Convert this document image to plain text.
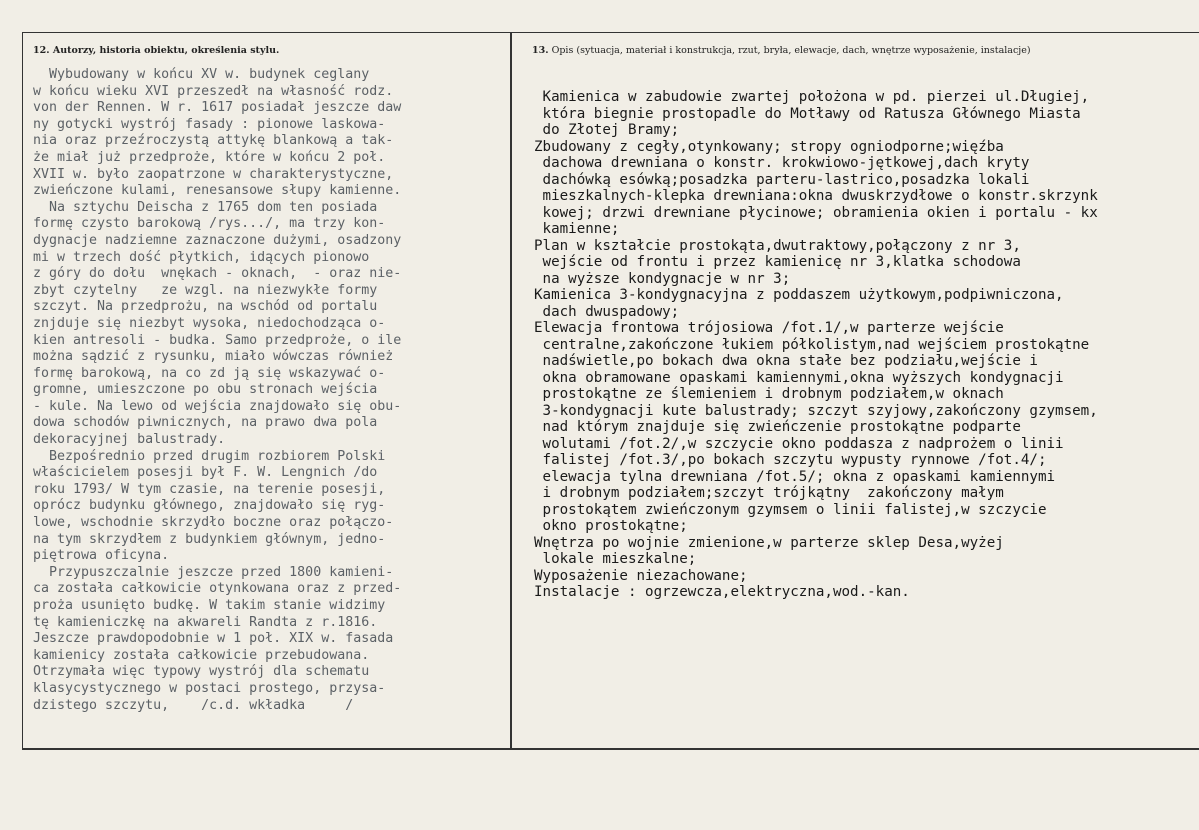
12. Autorzy, historia obiektu, określenia stylu.	13. Opis (sytuacja, materiał i konstrukcja, rzut, bryła, elewacje, dach, wnętrze wyposażenie, instalacje)
Wybudowany w końcu XV w. budynek ceglany
w końcu wieku XVI przeszedł na własność rodz.
von der Rennen. W r. 1617 posiadał jeszcze daw
ny gotycki wystrój fasady : pionowe laskowa-
nia oraz przeźroczystą attykę blankową a tak-
że miał już przedproże, które w końcu 2 poł.
XVII w. było zaopatrzone w charakterystyczne,
zwieńczone kulami, renesansowe słupy kamienne.
Na sztychu Deischa z 1765 dom ten posiada
formę czysto barokową /rys.../, ma trzy kon-
dygnacje nadziemne zaznaczone dużymi, osadzony
mi w trzech dość płytkich, idących pionowo
z góry do dołu  wnękach - oknach,  - oraz nie-
zbyt czytelny   ze wzgl. na niezwykłe formy
szczyt. Na przedprożu, na wschód od portalu
znjduje się niezbyt wysoka, niedochodząca o-
kien antresoli - budka. Samo przedproże, o ile
można sądzić z rysunku, miało wówczas również
formę barokową, na co zd ją się wskazywać o-
gromne, umieszczone po obu stronach wejścia
- kule. Na lewo od wejścia znajdowało się obu-
dowa schodów piwnicznych, na prawo dwa pola
dekoracyjnej balustrady.
Bezpośrednio przed drugim rozbiorem Polski
właścicielem posesji był F. W. Lengnich /do
roku 1793/ W tym czasie, na terenie posesji,
oprócz budynku głównego, znajdowało się ryg-
lowe, wschodnie skrzydło boczne oraz połączo-
na tym skrzydłem z budynkiem głównym, jedno-
piętrowa oficyna.
Przypuszczalnie jeszcze przed 1800 kamieni-
ca została całkowicie otynkowana oraz z przed-
proża usunięto budkę. W takim stanie widzimy
tę kamieniczkę na akwareli Randta z r.1816.
Jeszcze prawdopodobnie w 1 poł. XIX w. fasada
kamienicy została całkowicie przebudowana.
Otrzymała więc typowy wystrój dla schematu
klasycystycznego w postaci prostego, przysa-
dzistego szczytu,    /c.d. wkładka     /
Kamienica w zabudowie zwartej położona w pd. pierzei ul.Długiej,
która biegnie prostopadle do Motławy od Ratusza Głównego Miasta
do Złotej Bramy;
Zbudowany z cegły,otynkowany; stropy ogniodporne;więźba
dachowa drewniana o konstr. krokwiowo-jętkowej,dach kryty
dachówką esówką;posadzka parteru-lastrico,posadzka lokali
mieszkalnych-klepka drewniana:okna dwuskrzydłowe o konstr.skrzynk
kowej; drzwi drewniane płycinowe; obramienia okien i portalu - kx
kamienne;
Plan w kształcie prostokąta,dwutraktowy,połączony z nr 3,
wejście od frontu i przez kamienicę nr 3,klatka schodowa
na wyższe kondygnacje w nr 3;
Kamienica 3-kondygnacyjna z poddaszem użytkowym,podpiwniczona,
dach dwuspadowy;
Elewacja frontowa trójosiowa /fot.1/,w parterze wejście
centralne,zakończone łukiem półkolistym,nad wejściem prostokątne
nadświetle,po bokach dwa okna stałe bez podziału,wejście i
okna obramowane opaskami kamiennymi,okna wyższych kondygnacji
prostokątne ze ślemieniem i drobnym podziałem,w oknach
3-kondygnacji kute balustrady; szczyt szyjowy,zakończony gzymsem,
nad którym znajduje się zwieńczenie prostokątne podparte
wolutami /fot.2/,w szczycie okno poddasza z nadprożem o linii
falistej /fot.3/,po bokach szczytu wypusty rynnowe /fot.4/;
elewacja tylna drewniana /fot.5/; okna z opaskami kamiennymi
i drobnym podziałem;szczyt trójkątny  zakończony małym
prostokątem zwieńczonym gzymsem o linii falistej,w szczycie
okno prostokątne;
Wnętrza po wojnie zmienione,w parterze sklep Desa,wyżej
lokale mieszkalne;
Wyposażenie niezachowane;
Instalacje : ogrzewcza,elektryczna,wod.-kan.
